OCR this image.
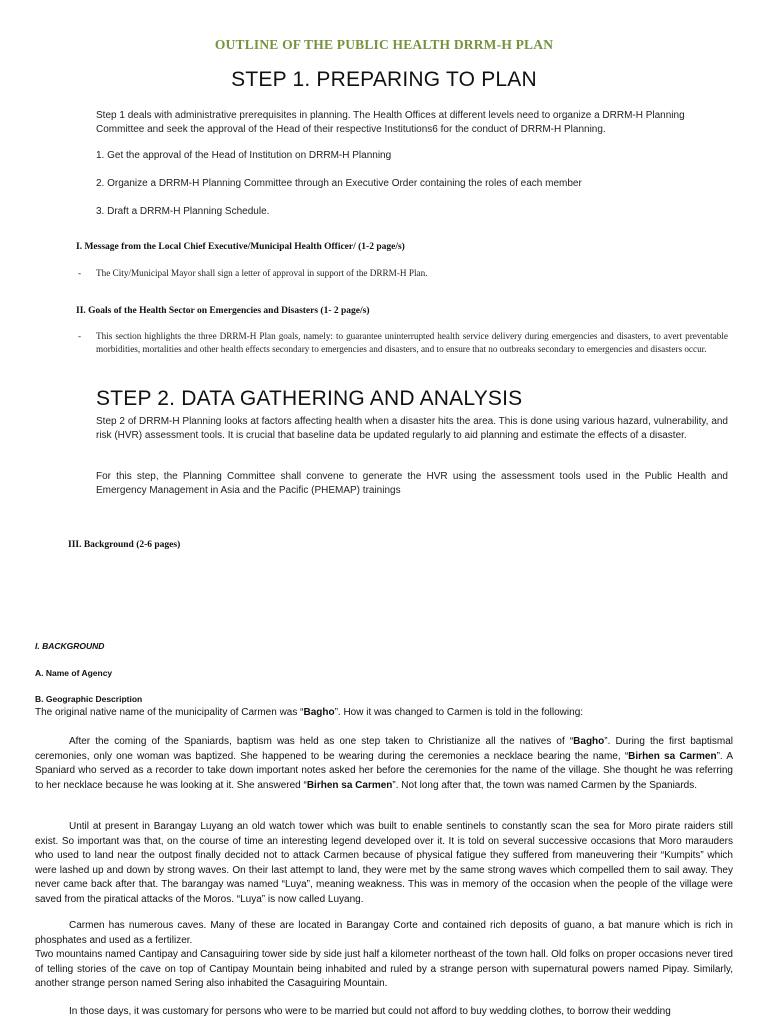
OUTLINE OF THE PUBLIC HEALTH DRRM-H PLAN
STEP 1. PREPARING TO PLAN

Step 1 deals with administrative prerequisites in planning. The Health Offices at different levels need to organize a DRRM-H Planning Committee and seek the approval of the Head of their respective Institutions6 for the conduct of DRRM-H Planning.

1. Get the approval of the Head of Institution on DRRM-H Planning

2. Organize a DRRM-H Planning Committee through an Executive Order containing the roles of each member

3. Draft a DRRM-H Planning Schedule.

I. Message from the Local Chief Executive/Municipal Health Officer/ (1-2 page/s)
- The City/Municipal Mayor shall sign a letter of approval in support of the DRRM-H Plan.
II. Goals of the Health Sector on Emergencies and Disasters (1- 2 page/s)
- This section highlights the three DRRM-H Plan goals, namely: to guarantee uninterrupted health service delivery during emergencies and disasters, to avert preventable morbidities, mortalities and other health effects secondary to emergencies and disasters, and to ensure that no outbreaks secondary to emergencies and disasters occur.
STEP 2. DATA GATHERING AND ANALYSIS

Step 2 of DRRM-H Planning looks at factors affecting health when a disaster hits the area. This is done using various hazard, vulnerability, and risk (HVR) assessment tools. It is crucial that baseline data be updated regularly to aid planning and estimate the effects of a disaster.

For this step, the Planning Committee shall convene to generate the HVR using the assessment tools used in the Public Health and Emergency Management in Asia and the Pacific (PHEMAP) trainings

III. Background (2-6 pages)
I. BACKGROUND
A. Name of Agency
B. Geographic Description

The original native name of the municipality of Carmen was “Bagho”. How it was changed to Carmen is told in the following:

After the coming of the Spaniards, baptism was held as one step taken to Christianize all the natives of “Bagho”. During the first baptismal ceremonies, only one woman was baptized. She happened to be wearing during the ceremonies a necklace bearing the name, “Birhen sa Carmen”. A Spaniard who served as a recorder to take down important notes asked her before the ceremonies for the name of the village. She thought he was referring to her necklace because he was looking at it. She answered “Birhen sa Carmen”. Not long after that, the town was named Carmen by the Spaniards.

Until at present in Barangay Luyang an old watch tower which was built to enable sentinels to constantly scan the sea for Moro pirate raiders still exist. So important was that, on the course of time an interesting legend developed over it. It is told on several successive occasions that Moro marauders who used to land near the outpost finally decided not to attack Carmen because of physical fatigue they suffered from maneuvering their “Kumpits” which were lashed up and down by strong waves. On their last attempt to land, they were met by the same strong waves which compelled them to sail away. They never came back after that. The barangay was named “Luya”, meaning weakness. This was in memory of the occasion when the people of the village were saved from the piratical attacks of the Moros. “Luya” is now called Luyang.

Carmen has numerous caves. Many of these are located in Barangay Corte and contained rich deposits of guano, a bat manure which is rich in phosphates and used as a fertilizer.

Two mountains named Cantipay and Cansaguiring tower side by side just half a kilometer northeast of the town hall. Old folks on proper occasions never tired of telling stories of the cave on top of Cantipay Mountain being inhabited and ruled by a strange person with supernatural powers named Pipay. Similarly, another strange person named Sering also inhabited the Casaguiring Mountain.

In those days, it was customary for persons who were to be married but could not afford to buy wedding clothes, to borrow their wedding
